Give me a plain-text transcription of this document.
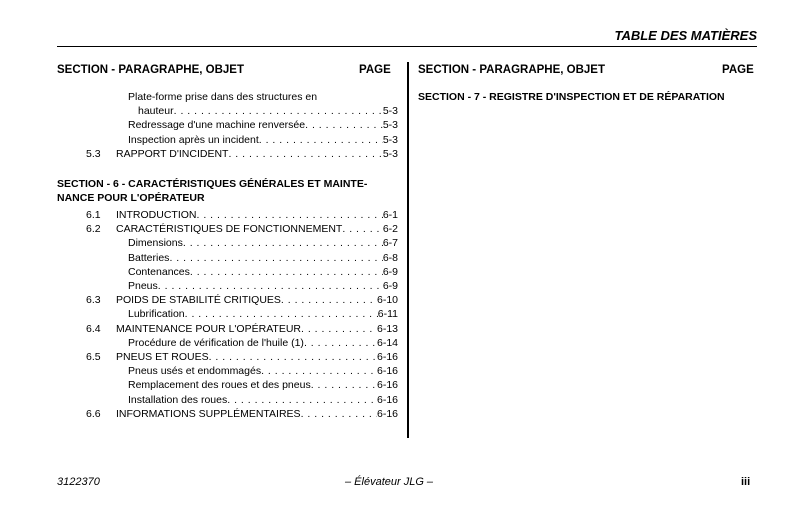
TABLE DES MATIÈRES
SECTION - PARAGRAPHE, OBJET	PAGE SECTION - PARAGRAPHE, OBJET	PAGE
Plate-forme prise dans des structures en
hauteur . . .	5-3
Redressage d'une machine renversée . . .	5-3
Inspection après un incident . . .	5-3
5.3 RAPPORT D'INCIDENT . . .	5-3
SECTION - 6 - CARACTÉRISTIQUES GÉNÉRALES ET MAINTE-
NANCE POUR L'OPÉRATEUR
6.1 INTRODUCTION . . .	6-1
6.2 CARACTÉRISTIQUES DE FONCTIONNEMENT . . .	6-2
Dimensions . . .	6-7
Batteries . . .	6-8
Contenances . . .	6-9
Pneus . . .	6-9
6.3 POIDS DE STABILITÉ CRITIQUES . . .	6-10
Lubrification . . .	6-11
6.4 MAINTENANCE POUR L'OPÉRATEUR . . .	6-13
Procédure de vérification de l'huile (1) . . .	6-14
6.5 PNEUS ET ROUES . . .	6-16
Pneus usés et endommagés . . .	6-16
Remplacement des roues et des pneus . . .	6-16
Installation des roues . . .	6-16
6.6 INFORMATIONS SUPPLÉMENTAIRES . . .	6-16
SECTION - 7 - REGISTRE D'INSPECTION ET DE RÉPARATION
3122370	– Élévateur JLG –	iii
